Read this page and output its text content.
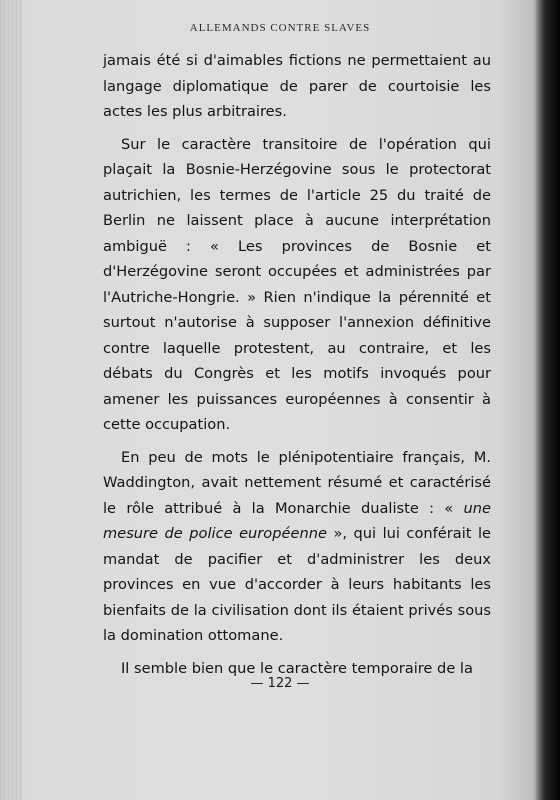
ALLEMANDS CONTRE SLAVES

jamais été si d'aimables fictions ne permettaient au langage diplomatique de parer de courtoisie les actes les plus arbitraires.

Sur le caractère transitoire de l'opération qui plaçait la Bosnie-Herzégovine sous le protectorat autrichien, les termes de l'article 25 du traité de Berlin ne laissent place à aucune interprétation ambiguë : « Les provinces de Bosnie et d'Herzégovine seront occupées et administrées par l'Autriche-Hongrie. » Rien n'indique la pérennité et surtout n'autorise à supposer l'annexion définitive contre laquelle protestent, au contraire, et les débats du Congrès et les motifs invoqués pour amener les puissances européennes à consentir à cette occupation.

En peu de mots le plénipotentiaire français, M. Waddington, avait nettement résumé et caractérisé le rôle attribué à la Monarchie dualiste : « une mesure de police européenne », qui lui conférait le mandat de pacifier et d'administrer les deux provinces en vue d'accorder à leurs habitants les bienfaits de la civilisation dont ils étaient privés sous la domination ottomane.

Il semble bien que le caractère temporaire de la

— 122 —
